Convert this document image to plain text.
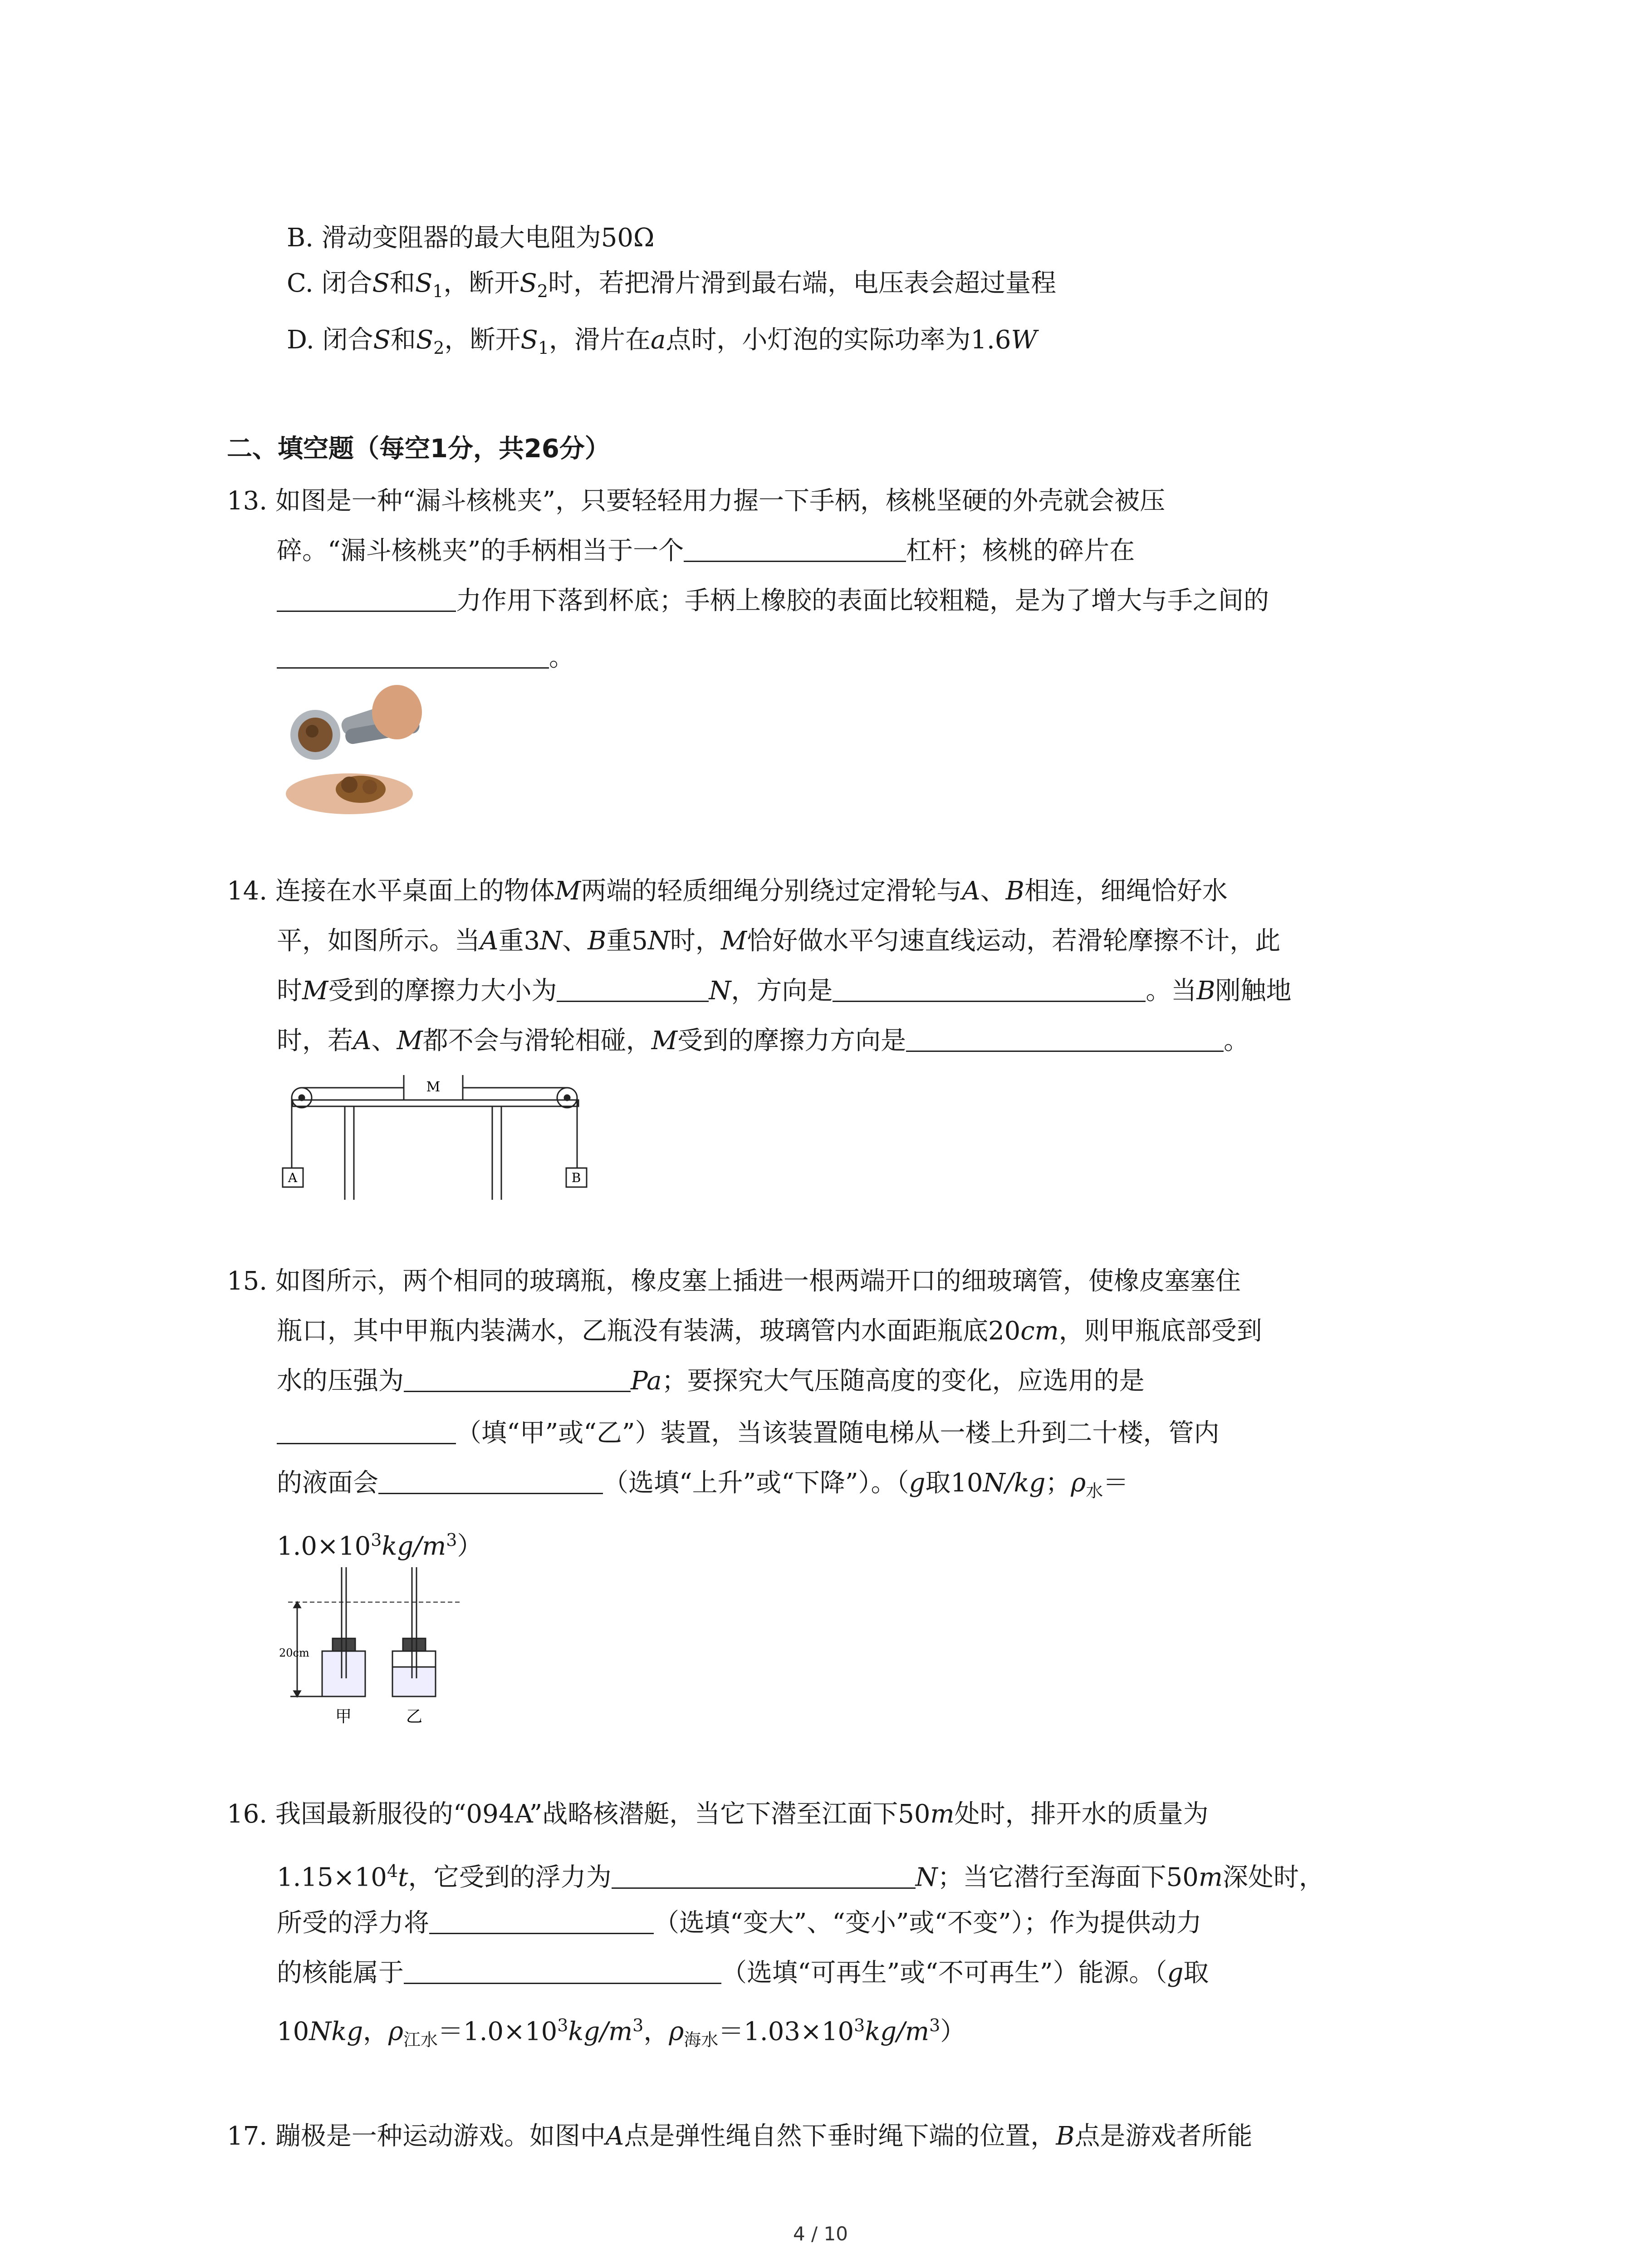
B. 滑动变阻器的最大电阻为50Ω
C. 闭合S和$S_1$，断开$S_2$时，若把滑片滑到最右端，电压表会超过量程
D. 闭合S和$S_2$，断开$S_1$，滑片在a点时，小灯泡的实际功率为1.6W
二、填空题（每空1分，共26分）
13. 如图是一种“漏斗核桃夹”，只要轻轻用力握一下手柄，核桃坚硬的外壳就会被压
碎。“漏斗核桃夹”的手柄相当于一个	杠杆；核桃的碎片在
力作用下落到杯底；手柄上橡胶的表面比较粗糙，是为了增大与手之间的
。
14. 连接在水平桌面上的物体M两端的轻质细绳分别绕过定滑轮与A、B相连，细绳恰好水
平，如图所示。当A重3N、B重5N时，M恰好做水平匀速直线运动，若滑轮摩擦不计，此
时M受到的摩擦力大小为	N，方向是	。当B刚触地
时，若A、M都不会与滑轮相碰，M受到的摩擦力方向是	。
M
A	B
15. 如图所示，两个相同的玻璃瓶，橡皮塞上插进一根两端开口的细玻璃管，使橡皮塞塞住
瓶口，其中甲瓶内装满水，乙瓶没有装满，玻璃管内水面距瓶底20cm，则甲瓶底部受到
水的压强为	Pa；要探究大气压随高度的变化，应选用的是
（填“甲”或“乙”）装置，当该装置随电梯从一楼上升到二十楼，管内
的液面会	（选填“上升”或“下降”）。（g取10N/kg；$\rho_水=$
$1.0\times 10^3kg/m^3$）
20cm
甲	乙
16. 我国最新服役的“094A”战略核潜艇，当它下潜至江面下50m处时，排开水的质量为
$1.15\times 10^4t$，它受到的浮力为	N；当它潜行至海面下50m深处时，
所受的浮力将	（选填“变大”、“变小”或“不变”）；作为提供动力
的核能属于	（选填“可再生”或“不可再生”）能源。（g取
10Nkg，$\rho_{江水}=1.0\times 10^3kg/m^3$，$\rho_{海水}=1.03\times 10^3kg/m^3$）
17. 蹦极是一种运动游戏。如图中A点是弹性绳自然下垂时绳下端的位置，B点是游戏者所能
4 / 10
